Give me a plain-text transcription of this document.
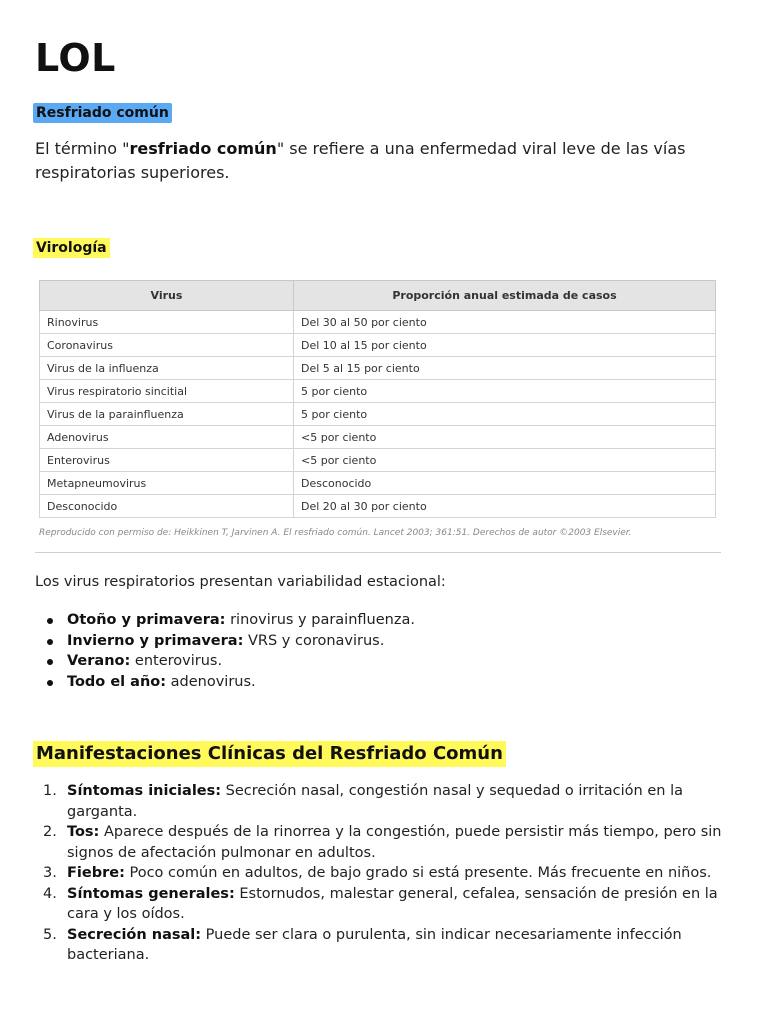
LOL
Resfriado común

El término "resfriado común" se refiere a una enfermedad viral leve de las vías respiratorias superiores.

Virología
Virus	Proporción anual estimada de casos
Rinovirus	Del 30 al 50 por ciento
Coronavirus	Del 10 al 15 por ciento
Virus de la influenza	Del 5 al 15 por ciento
Virus respiratorio sincitial	5 por ciento
Virus de la parainfluenza	5 por ciento
Adenovirus	<5 por ciento
Enterovirus	<5 por ciento
Metapneumovirus	Desconocido
Desconocido	Del 20 al 30 por ciento
Reproducido con permiso de: Heikkinen T, Jarvinen A. El resfriado común. Lancet 2003; 361:51. Derechos de autor ©2003 Elsevier.

Los virus respiratorios presentan variabilidad estacional:

Otoño y primavera: rinovirus y parainfluenza.
Invierno y primavera: VRS y coronavirus.
Verano: enterovirus.
Todo el año: adenovirus.
Manifestaciones Clínicas del Resfriado Común
1. Síntomas iniciales: Secreción nasal, congestión nasal y sequedad o irritación en la garganta.
2. Tos: Aparece después de la rinorrea y la congestión, puede persistir más tiempo, pero sin signos de afectación pulmonar en adultos.
3. Fiebre: Poco común en adultos, de bajo grado si está presente. Más frecuente en niños.
4. Síntomas generales: Estornudos, malestar general, cefalea, sensación de presión en la cara y los oídos.
5. Secreción nasal: Puede ser clara o purulenta, sin indicar necesariamente infección bacteriana.
